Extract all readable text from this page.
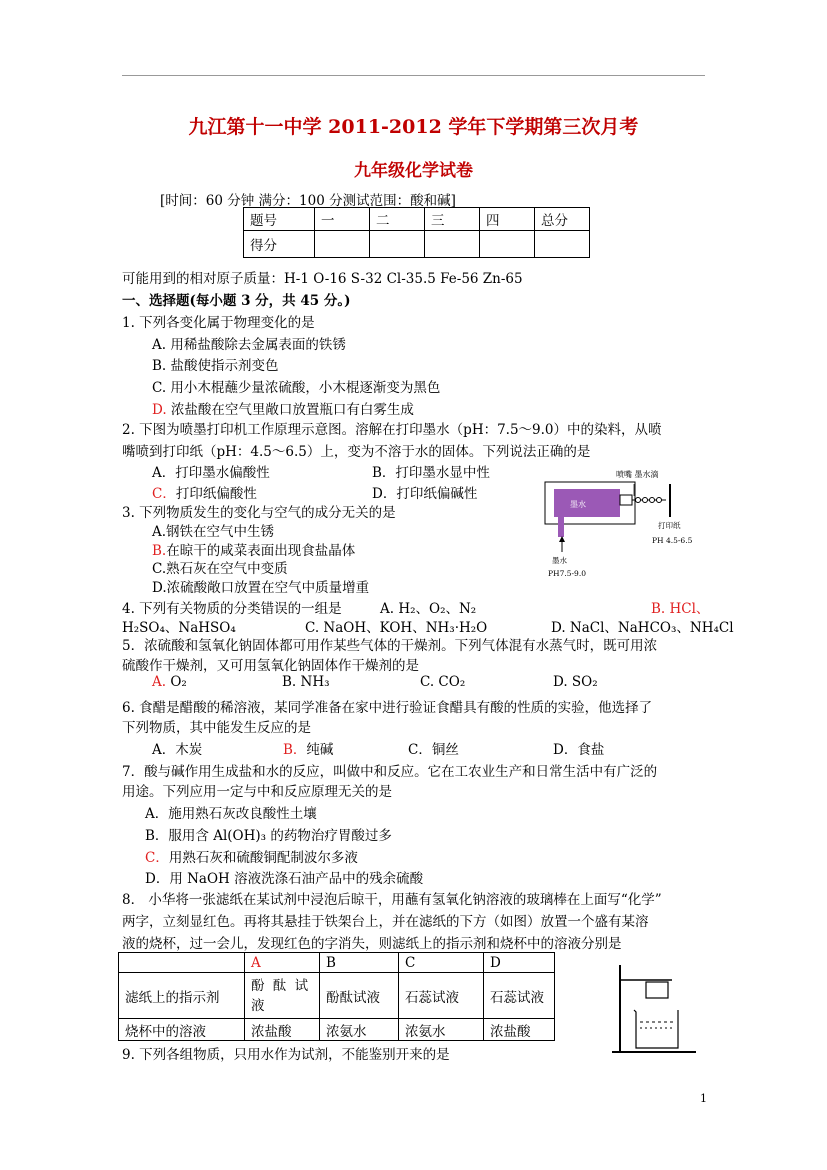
九江第十一中学 2011-2012 学年下学期第三次月考
九年级化学试卷
[时间：60 分钟 满分：100 分测试范围：酸和碱]
题号	一	二	三	四	总分
得分					
可能用到的相对原子质量：H-1 O-16 S-32 Cl-35.5 Fe-56 Zn-65
一、选择题(每小题 3 分，共 45 分。)
1. 下列各变化属于物理变化的是
A. 用稀盐酸除去金属表面的铁锈
B. 盐酸使指示剂变色
C. 用小木棍蘸少量浓硫酸，小木棍逐渐变为黑色
D. 浓盐酸在空气里敞口放置瓶口有白雾生成
2. 下图为喷墨打印机工作原理示意图。溶解在打印墨水（pH：7.5～9.0）中的染料，从喷
嘴喷到打印纸（pH：4.5～6.5）上，变为不溶于水的固体。下列说法正确的是
A．打印墨水偏酸性	B．打印墨水显中性
C．打印纸偏酸性	D．打印纸偏碱性
喷嘴 墨水滴
墨水
打印纸
PH 4.5-6.5
墨水
PH7.5-9.0
3. 下列物质发生的变化与空气的成分无关的是
A.钢铁在空气中生锈
B.在晾干的咸菜表面出现食盐晶体
C.熟石灰在空气中变质
D.浓硫酸敞口放置在空气中质量增重
4. 下列有关物质的分类错误的一组是	A. H₂、O₂、N₂	B. HCl、
H₂SO₄、NaHSO₄	C. NaOH、KOH、NH₃·H₂O	D. NaCl、NaHCO₃、NH₄Cl
5．浓硫酸和氢氧化钠固体都可用作某些气体的干燥剂。下列气体混有水蒸气时，既可用浓
硫酸作干燥剂，又可用氢氧化钠固体作干燥剂的是
A. O₂	B. NH₃	C. CO₂	D. SO₂
6. 食醋是醋酸的稀溶液，某同学准备在家中进行验证食醋具有酸的性质的实验，他选择了
下列物质，其中能发生反应的是
A．木炭	B．纯碱	C．铜丝	D．食盐
7．酸与碱作用生成盐和水的反应，叫做中和反应。它在工农业生产和日常生活中有广泛的
用途。下列应用一定与中和反应原理无关的是
A．施用熟石灰改良酸性土壤
B．服用含 Al(OH)₃ 的药物治疗胃酸过多
C．用熟石灰和硫酸铜配制波尔多液
D．用 NaOH 溶液洗涤石油产品中的残余硫酸
8． 小华将一张滤纸在某试剂中浸泡后晾干，用蘸有氢氧化钠溶液的玻璃棒在上面写“化学”
两字，立刻显红色。再将其悬挂于铁架台上，并在滤纸的下方（如图）放置一个盛有某溶
液的烧杯，过一会儿，发现红色的字消失，则滤纸上的指示剂和烧杯中的溶液分别是
	A	B	C	D
滤纸上的指示剂	酚 酞 试液	酚酞试液	石蕊试液	石蕊试液
烧杯中的溶液	浓盐酸	浓氨水	浓氨水	浓盐酸
9. 下列各组物质，只用水作为试剂，不能鉴别开来的是
1
